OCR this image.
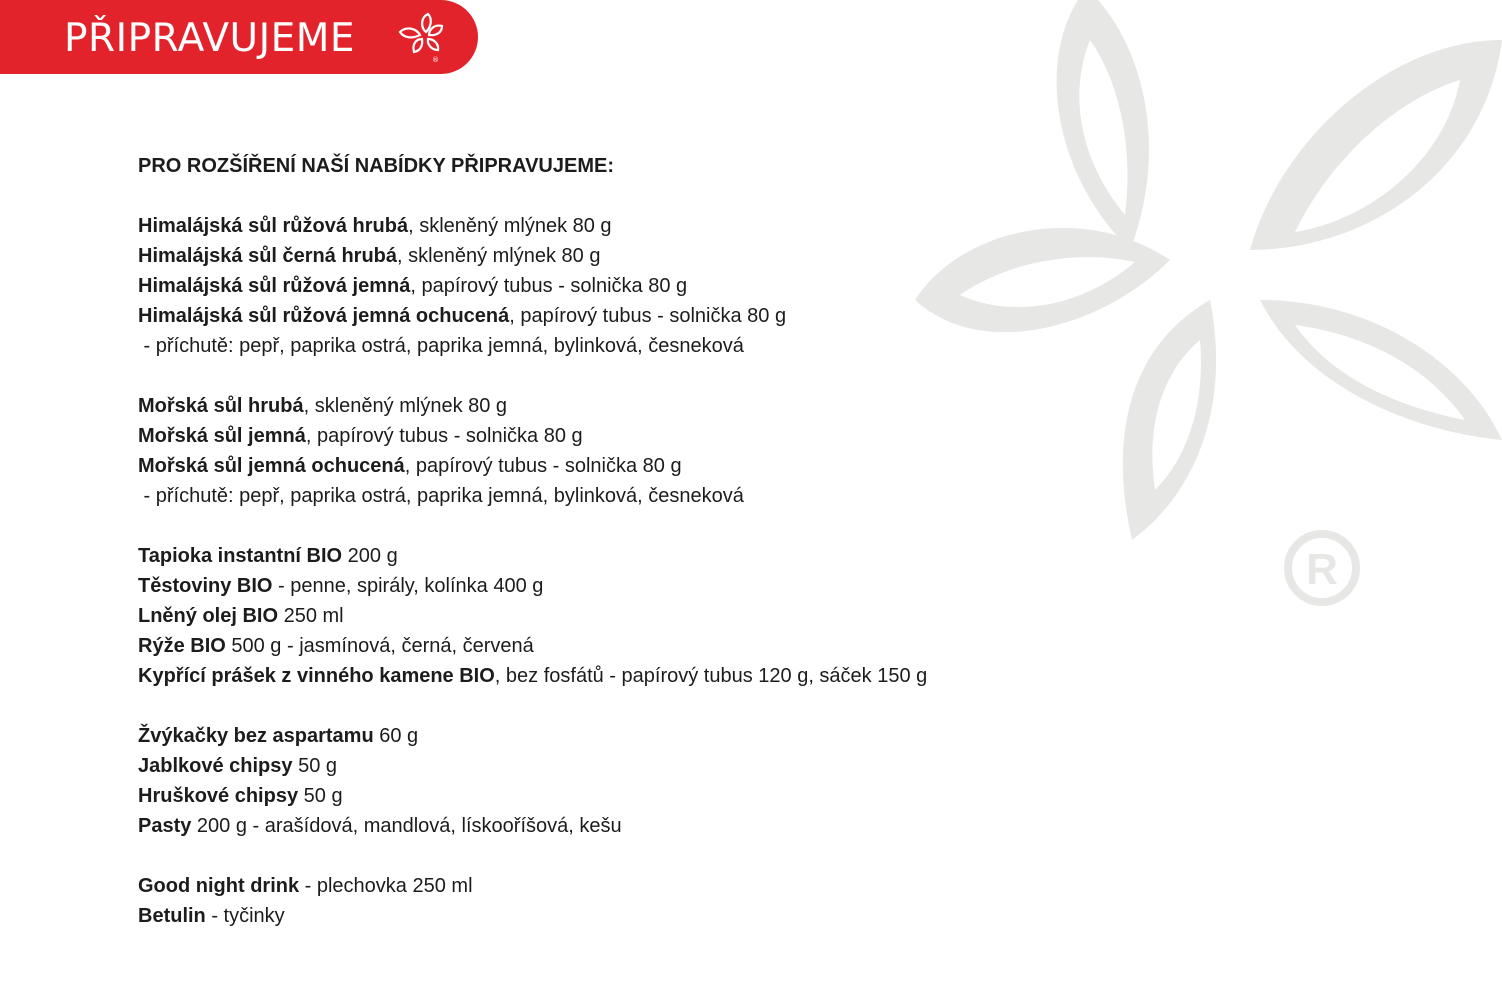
PŘIPRAVUJEME	®
R
PRO ROZŠÍŘENÍ NAŠÍ NABÍDKY PŘIPRAVUJEME:
Himalájská sůl růžová hrubá, skleněný mlýnek 80 g
Himalájská sůl černá hrubá, skleněný mlýnek 80 g
Himalájská sůl růžová jemná, papírový tubus - solnička 80 g
Himalájská sůl růžová jemná ochucená, papírový tubus - solnička 80 g
- příchutě: pepř, paprika ostrá, paprika jemná, bylinková, česneková
Mořská sůl hrubá, skleněný mlýnek 80 g
Mořská sůl jemná, papírový tubus - solnička 80 g
Mořská sůl jemná ochucená, papírový tubus - solnička 80 g
- příchutě: pepř, paprika ostrá, paprika jemná, bylinková, česneková
Tapioka instantní BIO 200 g
Těstoviny BIO - penne, spirály, kolínka 400 g
Lněný olej BIO 250 ml
Rýže BIO 500 g - jasmínová, černá, červená
Kypřící prášek z vinného kamene BIO, bez fosfátů - papírový tubus 120 g, sáček 150 g
Žvýkačky bez aspartamu 60 g
Jablkové chipsy 50 g
Hruškové chipsy 50 g
Pasty 200 g - arašídová, mandlová, lískooříšová, kešu
Good night drink - plechovka 250 ml
Betulin - tyčinky
